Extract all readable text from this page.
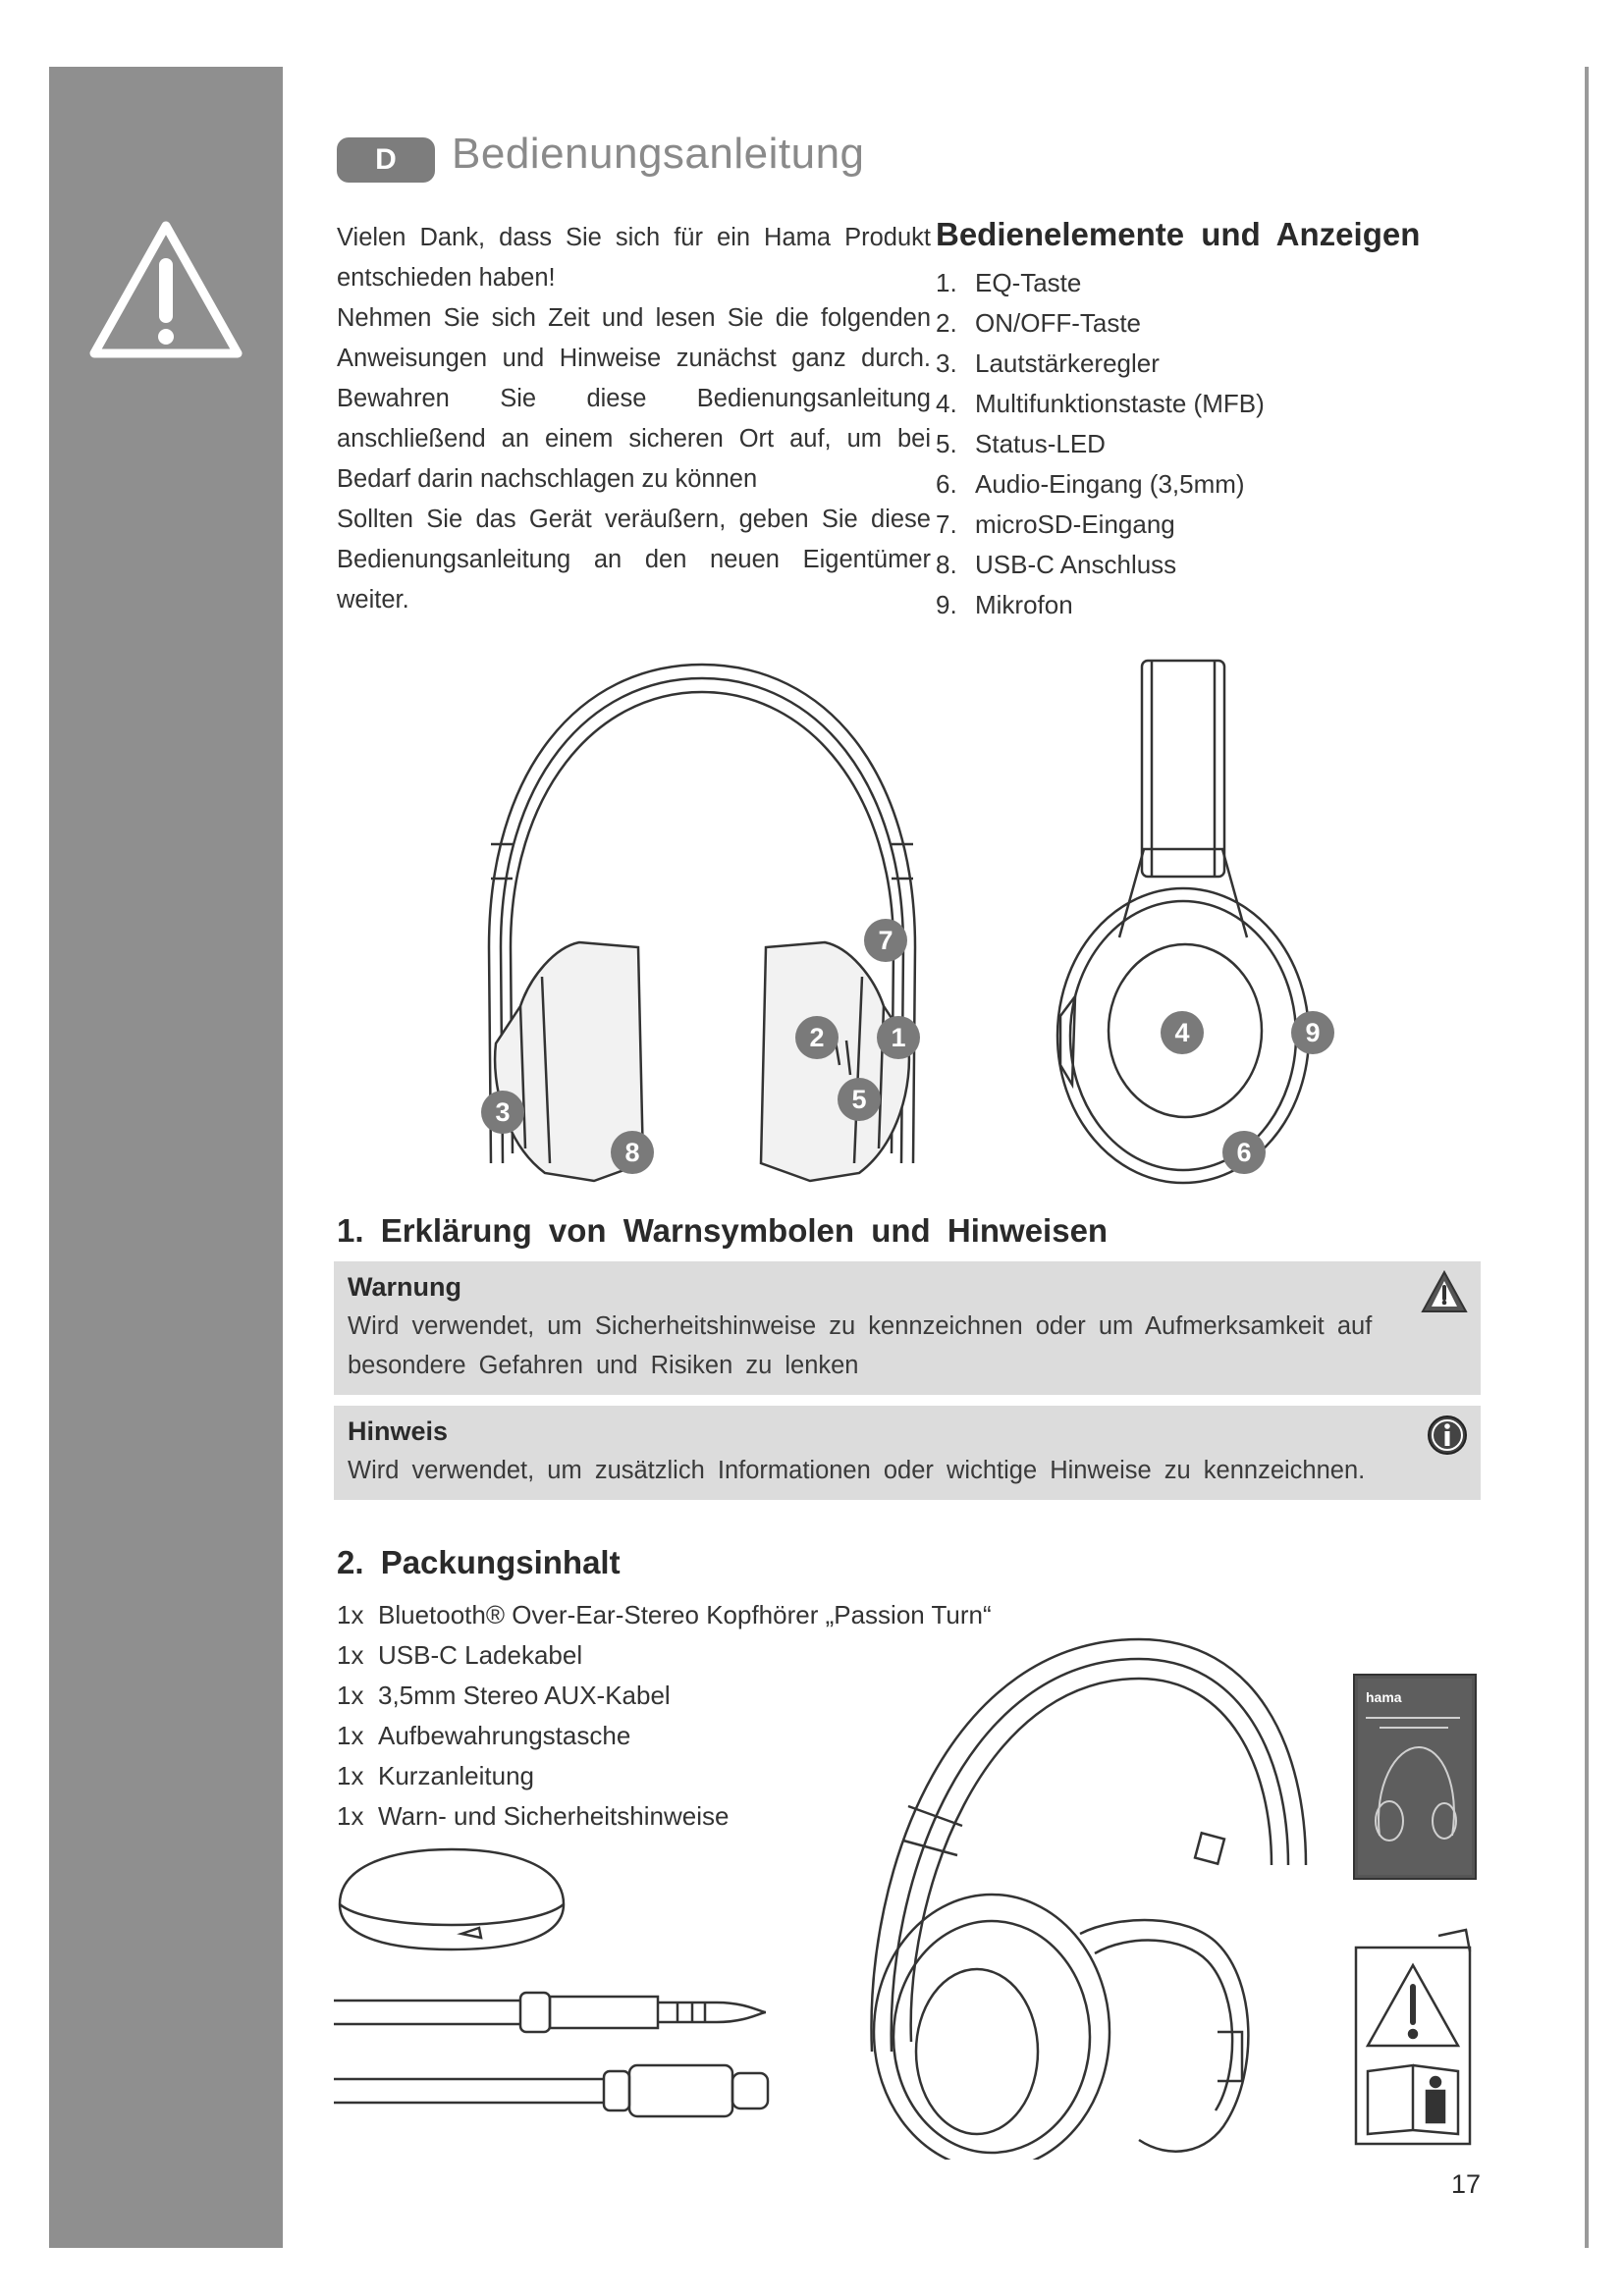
D	Bedienungsanleitung

Vielen Dank, dass Sie sich für ein Hama Produkt entschieden haben!

Nehmen Sie sich Zeit und lesen Sie die folgenden Anweisungen und Hinweise zunächst ganz durch. Bewahren Sie diese Bedienungsanleitung anschließend an einem sicheren Ort auf, um bei Bedarf darin nachschlagen zu können

Sollten Sie das Gerät veräußern, geben Sie diese Bedienungsanleitung an den neuen Eigentümer weiter.

Bedienelemente und Anzeigen
1. EQ-Taste
2. ON/OFF-Taste
3. Lautstärkeregler
4. Multifunktionstaste (MFB)
5. Status-LED
6. Audio-Eingang (3,5mm)
7. microSD-Eingang
8. USB-C Anschluss
9. Mikrofon
7
2	1
5
3
8
4	9
6
1. Erklärung von Warnsymbolen und Hinweisen
Warnung
Wird verwendet, um Sicherheitshinweise zu kennzeichnen oder um Aufmerksamkeit auf besondere Gefahren und Risiken zu lenken
Hinweis
Wird verwendet, um zusätzlich Informationen oder wichtige Hinweise zu kennzeichnen.
2. Packungsinhalt
1x Bluetooth® Over-Ear-Stereo Kopfhörer „Passion Turn“
1x USB-C Ladekabel
1x 3,5mm Stereo AUX-Kabel
1x Aufbewahrungstasche
1x Kurzanleitung
1x Warn- und Sicherheitshinweise
hama
17
